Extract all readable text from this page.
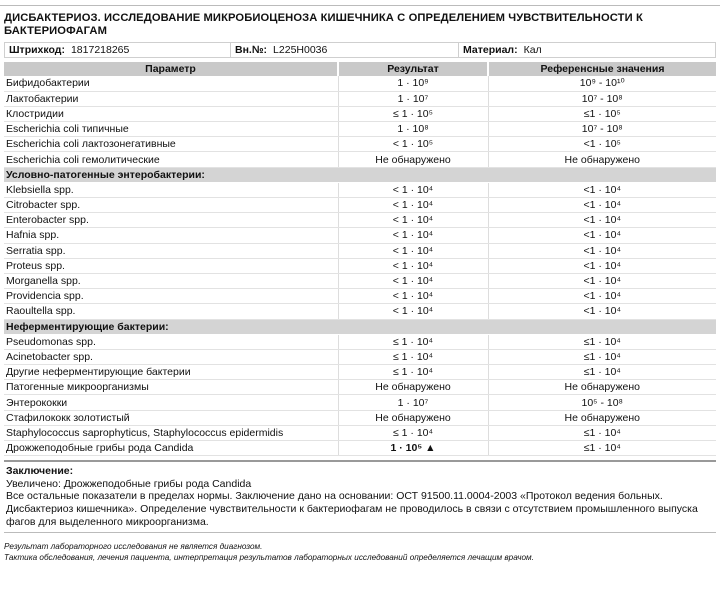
ДИСБАКТЕРИОЗ. ИССЛЕДОВАНИЕ МИКРОБИОЦЕНОЗА КИШЕЧНИКА С ОПРЕДЕЛЕНИЕМ ЧУВСТВИТЕЛЬНОСТИ К БАКТЕРИОФАГАМ
Штрихкод: 1817218265	Вн.№: L225H0036	Материал: Кал
Параметр	Результат	Референсные значения
Бифидобактерии	1 · 10⁹	10⁹ - 10¹⁰
Лактобактерии	1 · 10⁷	10⁷ - 10⁸
Клостридии	≤ 1 · 10⁵	≤1 · 10⁵
Escherichia coli типичные	1 · 10⁸	10⁷ - 10⁸
Escherichia coli лактозонегативные	< 1 · 10⁵	<1 · 10⁵
Escherichia coli гемолитические	Не обнаружено	Не обнаружено
Условно-патогенные энтеробактерии:		
Klebsiella spp.	< 1 · 10⁴	<1 · 10⁴
Citrobacter spp.	< 1 · 10⁴	<1 · 10⁴
Enterobacter spp.	< 1 · 10⁴	<1 · 10⁴
Hafnia spp.	< 1 · 10⁴	<1 · 10⁴
Serratia spp.	< 1 · 10⁴	<1 · 10⁴
Proteus spp.	< 1 · 10⁴	<1 · 10⁴
Morganella spp.	< 1 · 10⁴	<1 · 10⁴
Providencia spp.	< 1 · 10⁴	<1 · 10⁴
Raoultella spp.	< 1 · 10⁴	<1 · 10⁴
Неферментирующие бактерии:		
Pseudomonas spp.	≤ 1 · 10⁴	≤1 · 10⁴
Acinetobacter spp.	≤ 1 · 10⁴	≤1 · 10⁴
Другие неферментирующие бактерии	≤ 1 · 10⁴	≤1 · 10⁴
Патогенные микроорганизмы	Не обнаружено	Не обнаружено
Энтерококки	1 · 10⁷	10⁵ - 10⁸
Стафилококк золотистый	Не обнаружено	Не обнаружено
Staphylococcus saprophyticus, Staphylococcus epidermidis	≤ 1 · 10⁴	≤1 · 10⁴
Дрожжеподобные грибы рода Candida	1 · 10⁵ ▲	≤1 · 10⁴
Заключение:
Увеличено: Дрожжеподобные грибы рода Candida
Все остальные показатели в пределах нормы. Заключение дано на основании: ОСТ 91500.11.0004-2003 «Протокол ведения больных. Дисбактериоз кишечника». Определение чувствительности к бактериофагам не проводилось в связи с отсутствием промышленного выпуска фагов для выделенного микроорганизма.
Результат лабораторного исследования не является диагнозом.
Тактика обследования, лечения пациента, интерпретация результатов лабораторных исследований определяется лечащим врачом.
